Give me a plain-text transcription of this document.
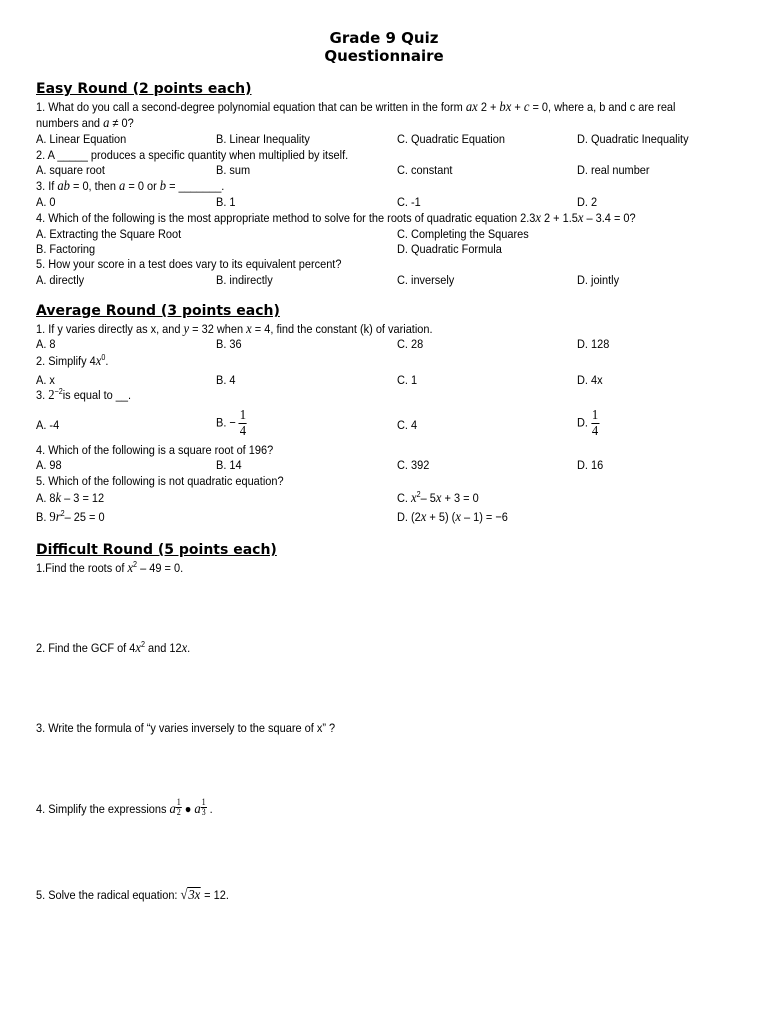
Grade 9 Quiz
Questionnaire
Easy Round (2 points each)
1. What do you call a second-degree polynomial equation that can be written in the form ax 2 + bx + c = 0, where a, b and c are real
numbers and a ≠ 0?
A. Linear Equation	B. Linear Inequality	C. Quadratic Equation	D. Quadratic Inequality
2. A _____ produces a specific quantity when multiplied by itself.
A. square root	B. sum	C. constant	D. real number
3. If ab = 0, then a = 0 or b = _______.
A. 0	B. 1	C. -1	D. 2
4. Which of the following is the most appropriate method to solve for the roots of quadratic equation 2.3x 2 + 1.5x – 3.4 = 0?
A. Extracting the Square Root	C. Completing the Squares
B. Factoring	D. Quadratic Formula
5. How your score in a test does vary to its equivalent percent?
A. directly	B. indirectly	C. inversely	D. jointly
Average Round (3 points each)
1. If y varies directly as x, and y = 32 when x = 4, find the constant (k) of variation.
A. 8	B. 36	C. 28	D. 128
2. Simplify $4x^0$.
A. x	B. 4	C. 1	D. 4x
3. $2^{-2}is$ equal to __.
A. -4	B. − $\frac{1}{4}$	C. 4	D. $\frac{1}{4}$
4. Which of the following is a square root of 196?
A. 98	B. 14	C. 392	D. 16
5. Which of the following is not quadratic equation?
A. 8k – 3 = 12	C. $x^2-$ 5x + 3 = 0
B. $9r^2-$ 25 = 0	D. (2x + 5) (x – 1) = −6
Difficult Round (5 points each)
1.Find the roots of $x^2 - 49 = 0$.
2. Find the GCF of $4x^2$ and 12x.
3. Write the formula of “y varies inversely to the square of x” ?
4. Simplify the expressions a $\frac{1}{2}$ ● a $\frac{1}{3}$ .
5. Solve the radical equation: √3x = 12.
